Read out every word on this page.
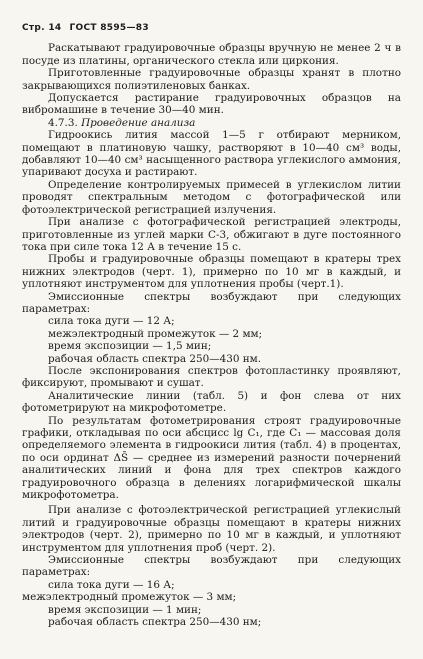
Стр. 14 ГОСТ 8595—83

Раскатывают градуировочные образцы вручную не менее 2 ч в посуде из платины, органического стекла или циркония.

Приготовленные градуировочные образцы хранят в плотно закрывающихся полиэтиленовых банках.

Допускается растирание градуировочных образцов на вибромашине в течение 30—40 мин.

4.7.3. Проведение анализа

Гидроокись лития массой 1—5 г отбирают мерником, помещают в платиновую чашку, растворяют в 10—40 см³ воды, добавляют 10—40 см³ насыщенного раствора углекислого аммония, упаривают досуха и растирают.

Определение контролируемых примесей в углекислом литии проводят спектральным методом с фотографической или фотоэлектрической регистрацией излучения.

При анализе с фотографической регистрацией электроды, приготовленные из углей марки С-3, обжигают в дуге постоянного тока при силе тока 12 А в течение 15 с.

Пробы и градуировочные образцы помещают в кратеры трех нижних электродов (черт. 1), примерно по 10 мг в каждый, и уплотняют инструментом для уплотнения пробы (черт.1).

Эмиссионные спектры возбуждают при следующих параметрах:

сила тока дуги — 12 А;

межэлектродный промежуток — 2 мм;

время экспозиции — 1,5 мин;

рабочая область спектра 250—430 нм.

После экспонирования спектров фотопластинку проявляют, фиксируют, промывают и сушат.

Аналитические линии (табл. 5) и фон слева от них фотометрируют на микрофотометре.

По результатам фотометрирования строят градуировочные графики, откладывая по оси абсцисс lg C₁, где C₁ — массовая доля определяемого элемента в гидроокиси лития (табл. 4) в процентах, по оси ординат ΔS̄ — среднее из измерений разности почернений аналитических линий и фона для трех спектров каждого градуировочного образца в делениях логарифмической шкалы микрофотометра.

При анализе с фотоэлектрической регистрацией углекислый литий и градуировочные образцы помещают в кратеры нижних электродов (черт. 2), примерно по 10 мг в каждый, и уплотняют инструментом для уплотнения проб (черт. 2).

Эмиссионные спектры возбуждают при следующих параметрах:

сила тока дуги — 16 А;

межэлектродный промежуток — 3 мм;

время экспозиции — 1 мин;

рабочая область спектра 250—430 нм;
